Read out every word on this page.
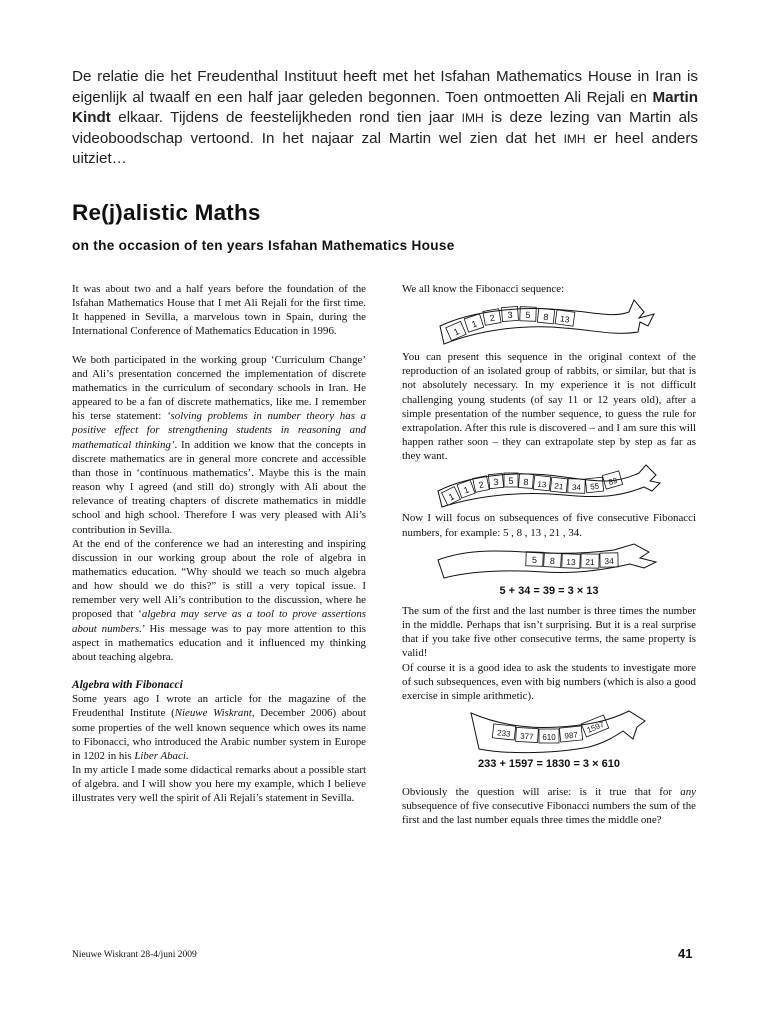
De relatie die het Freudenthal Instituut heeft met het Isfahan Mathematics House in Iran is eigenlijk al twaalf en een half jaar geleden begonnen. Toen ontmoetten Ali Rejali en Martin Kindt elkaar. Tijdens de feestelijkheden rond tien jaar IMH is deze lezing van Martin als videoboodschap vertoond. In het najaar zal Martin wel zien dat het IMH er heel anders uitziet…
Re(j)alistic Maths
on the occasion of ten years Isfahan Mathematics House

It was about two and a half years before the foundation of the Isfahan Mathematics House that I met Ali Rejali for the first time. It happened in Sevilla, a marvelous town in Spain, during the International Conference of Mathematics Education in 1996.

We both participated in the working group ‘Curriculum Change’ and Ali’s presentation concerned the implementation of discrete mathematics in the curriculum of secondary schools in Iran. He appeared to be a fan of discrete mathematics, like me. I remember his terse statement: ‘solving problems in number theory has a positive effect for strengthening students in reasoning and mathematical thinking’. In addition we know that the concepts in discrete mathematics are in general more concrete and accessible than those in ‘continuous mathematics’. Maybe this is the main reason why I agreed (and still do) strongly with Ali about the relevance of treating chapters of discrete mathematics in middle school and high school. Therefore I was very pleased with Ali’s contribution in Sevilla.

At the end of the conference we had an interesting and inspiring discussion in our working group about the role of algebra in mathematics education. “Why should we teach so much algebra and how should we do this?” is still a very topical issue. I remember very well Ali’s contribution to the discussion, where he proposed that ‘algebra may serve as a tool to prove assertions about numbers.’ His message was to pay more attention to this aspect in mathematics education and it influenced my thinking about teaching algebra.

Algebra with Fibonacci

Some years ago I wrote an article for the magazine of the Freudenthal Institute (Nieuwe Wiskrant, December 2006) about some properties of the well known sequence which owes its name to Fibonacci, who introduced the Arabic number system in Europe in 1202 in his Liber Abaci.

In my article I made some didactical remarks about a possible start of algebra. and I will show you here my example, which I believe illustrates very well the spirit of Ali Rejali’s statement in Sevilla.

We all know the Fibonacci sequence:

1
1
2 3 5 8 13

You can present this sequence in the original context of the reproduction of an isolated group of rabbits, or similar, but that is not absolutely necessary. In my experience it is not difficult challenging young students (of say 11 or 12 years old), after a simple presentation of the number sequence, to guess the rule for extrapolation. After this rule is discovered – and I am sure this will happen rather soon – they can extrapolate step by step as far as they want.

1
1 2 3 5 8 13 21 34 55 89

Now I will focus on subsequences of five consecutive Fibonacci numbers, for example: 5 , 8 , 13 , 21 , 34.

5 8 13 21 34

5 + 34 = 39 = 3 × 13

The sum of the first and the last number is three times the number in the middle. Perhaps that isn’t surprising. But it is a real surprise that if you take five other consecutive terms, the same property is valid!

Of course it is a good idea to ask the students to investigate more of such subsequences, even with big numbers (which is also a good exercise in simple arithmetic).

233 377 610 987
1597

233 + 1597 = 1830 = 3 × 610

Obviously the question will arise: is it true that for any subsequence of five consecutive Fibonacci numbers the sum of the first and the last number equals three times the middle one?

Nieuwe Wiskrant 28-4/juni 2009	41
